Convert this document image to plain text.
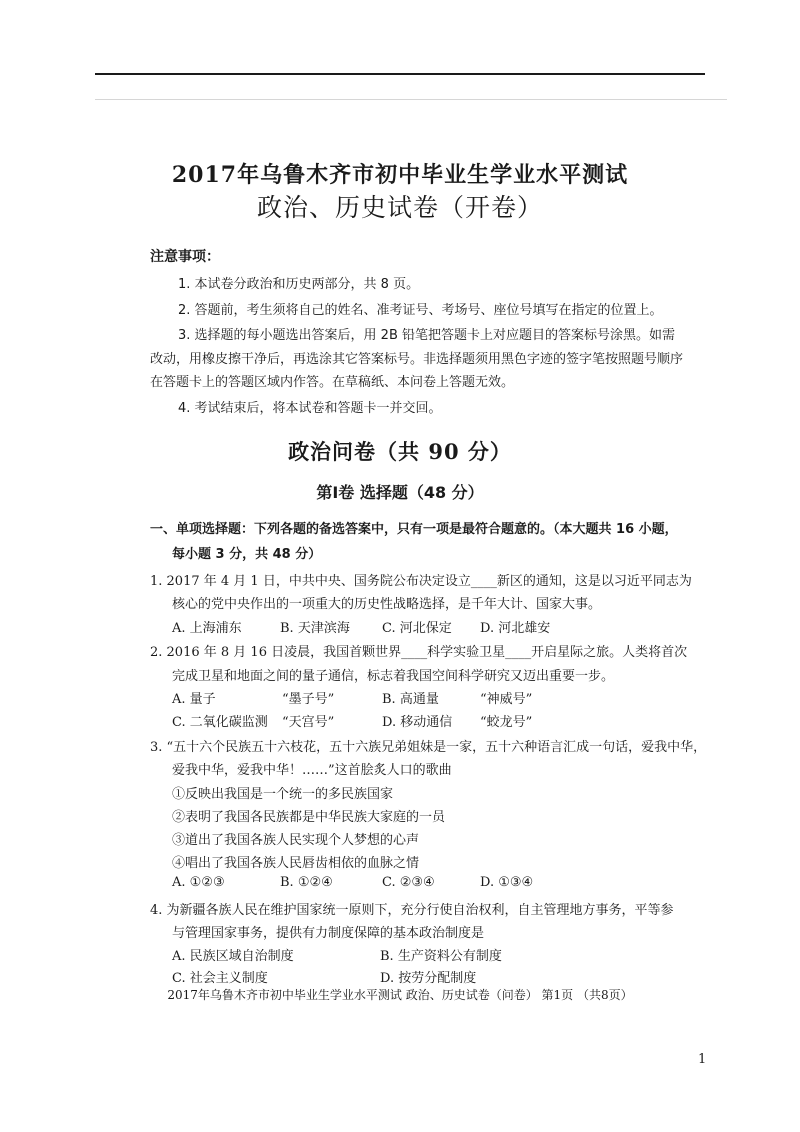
2017年乌鲁木齐市初中毕业生学业水平测试
政治、历史试卷（开卷）
注意事项：
1. 本试卷分政治和历史两部分，共 8 页。
2. 答题前，考生须将自己的姓名、准考证号、考场号、座位号填写在指定的位置上。
3. 选择题的每小题选出答案后，用 2B 铅笔把答题卡上对应题目的答案标号涂黑。如需
改动，用橡皮擦干净后，再选涂其它答案标号。非选择题须用黑色字迹的签字笔按照题号顺序
在答题卡上的答题区域内作答。在草稿纸、本问卷上答题无效。
4. 考试结束后，将本试卷和答题卡一并交回。
政治问卷（共 90 分）
第Ⅰ卷 选择题（48 分）
一、单项选择题：下列各题的备选答案中，只有一项是最符合题意的。（本大题共 16 小题，
每小题 3 分，共 48 分）
1. 2017 年 4 月 1 日，中共中央、国务院公布决定设立____新区的通知，这是以习近平同志为
核心的党中央作出的一项重大的历史性战略选择，是千年大计、国家大事。
A. 上海浦东	B. 天津滨海 C. 河北保定 D. 河北雄安
2. 2016 年 8 月 16 日凌晨，我国首颗世界____科学实验卫星____开启星际之旅。人类将首次
完成卫星和地面之间的量子通信，标志着我国空间科学研究又迈出重要一步。
A. 量子	“墨子号”	B. 高通量	“神威号”
C. 二氧化碳监测 “天宫号”	D. 移动通信 “蛟龙号”
3. “五十六个民族五十六枝花，五十六族兄弟姐妹是一家，五十六种语言汇成一句话，爱我中华，
爱我中华，爱我中华！……”这首脍炙人口的歌曲
①反映出我国是一个统一的多民族国家
②表明了我国各民族都是中华民族大家庭的一员
③道出了我国各族人民实现个人梦想的心声
④唱出了我国各族人民唇齿相依的血脉之情
A. ①②③	B. ①②④	C. ②③④	D. ①③④
4. 为新疆各族人民在维护国家统一原则下，充分行使自治权利，自主管理地方事务，平等参
与管理国家事务，提供有力制度保障的基本政治制度是
A. 民族区域自治制度	B. 生产资料公有制度
C. 社会主义制度	D. 按劳分配制度
2017年乌鲁木齐市初中毕业生学业水平测试 政治、历史试卷（问卷） 第1页 （共8页）
1
